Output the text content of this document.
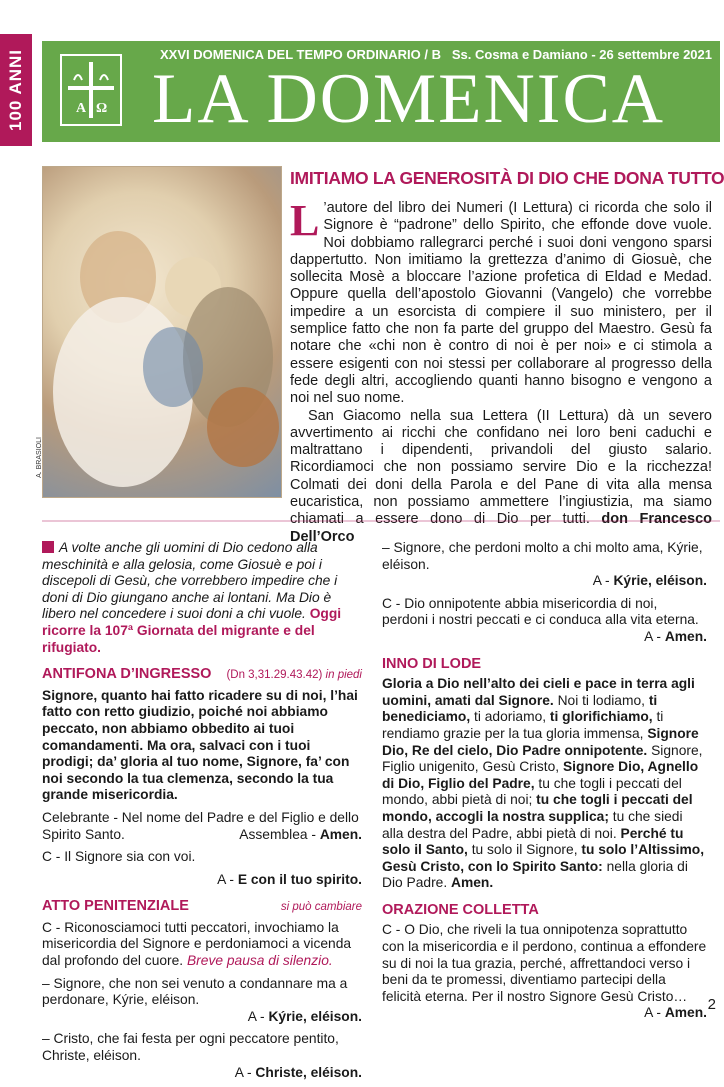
100 ANNI	A Ω
XXVI DOMENICA DEL TEMPO ORDINARIO / B Ss. Cosma e Damiano - 26 settembre 2021
LA DOMENICA
A. BRASIOLI
IMITIAMO LA GENEROSITÀ DI DIO CHE DONA TUTTO

L ’autore del libro dei Numeri (I Lettura) ci ricorda che solo il Signore è “padrone” dello Spirito, che effonde dove vuole. Noi dobbiamo rallegrarci perché i suoi doni vengono sparsi dappertutto. Non imitiamo la grettezza d’animo di Giosuè, che sollecita Mosè a bloccare l’azione profetica di Eldad e Medad. Oppure quella dell’apostolo Giovanni (Vangelo) che vorrebbe impedire a un esorcista di compiere il suo ministero, per il semplice fatto che non fa parte del gruppo del Maestro. Gesù fa notare che «chi non è contro di noi è per noi» e ci stimola a essere esigenti con noi stessi per collaborare al progresso della fede degli altri, accogliendo quanti hanno bisogno e vengono a noi nel suo nome.

San Giacomo nella sua Lettera (II Lettura) dà un severo avvertimento ai ricchi che confidano nei loro beni caduchi e maltrattano i dipendenti, privandoli del giusto salario. Ricordiamoci che non possiamo servire Dio e la ricchezza! Colmati dei doni della Parola e del Pane di vita alla mensa eucaristica, non possiamo ammettere l’ingiustizia, ma siamo chiamati a essere dono di Dio per tutti. don Francesco Dell’Orco

A volte anche gli uomini di Dio cedono alla meschinità e alla gelosia, come Giosuè e poi i discepoli di Gesù, che vorrebbero impedire che i doni di Dio giungano anche ai lontani. Ma Dio è libero nel concedere i suoi doni a chi vuole. Oggi ricorre la 107ª Giornata del migrante e del rifugiato.

ANTIFONA D’INGRESSO (Dn 3,31.29.43.42) in piedi

Signore, quanto hai fatto ricadere su di noi, l’hai fatto con retto giudizio, poiché noi abbiamo peccato, non abbiamo obbedito ai tuoi comandamenti. Ma ora, salvaci con i tuoi prodigi; da’ gloria al tuo nome, Signore, fa’ con noi secondo la tua clemenza, secondo la tua grande misericordia.

Celebrante - Nel nome del Padre e del Figlio e dello Spirito Santo.	Assemblea - Amen.

C - Il Signore sia con voi.

A - E con il tuo spirito.

ATTO PENITENZIALE	si può cambiare

C - Riconosciamoci tutti peccatori, invochiamo la misericordia del Signore e perdoniamoci a vicenda dal profondo del cuore. Breve pausa di silenzio.

– Signore, che non sei venuto a condannare ma a perdonare, Kýrie, eléison.

A - Kýrie, eléison.

– Cristo, che fai festa per ogni peccatore pentito, Christe, eléison.

A - Christe, eléison.

– Signore, che perdoni molto a chi molto ama, Kýrie, eléison.

A - Kýrie, eléison.

C - Dio onnipotente abbia misericordia di noi, perdoni i nostri peccati e ci conduca alla vita eterna.

A - Amen.

INNO DI LODE

Gloria a Dio nell’alto dei cieli e pace in terra agli uomini, amati dal Signore. Noi ti lodiamo, ti benediciamo, ti adoriamo, ti glorifichiamo, ti rendiamo grazie per la tua gloria immensa, Signore Dio, Re del cielo, Dio Padre onnipotente. Signore, Figlio unigenito, Gesù Cristo, Signore Dio, Agnello di Dio, Figlio del Padre, tu che togli i peccati del mondo, abbi pietà di noi; tu che togli i peccati del mondo, accogli la nostra supplica; tu che siedi alla destra del Padre, abbi pietà di noi. Perché tu solo il Santo, tu solo il Signore, tu solo l’Altissimo, Gesù Cristo, con lo Spirito Santo: nella gloria di Dio Padre. Amen.

ORAZIONE COLLETTA

C - O Dio, che riveli la tua onnipotenza soprattutto con la misericordia e il perdono, continua a effondere su di noi la tua grazia, perché, affrettandoci verso i beni da te promessi, diventiamo partecipi della felicità eterna. Per il nostro Signore Gesù Cristo…
A - Amen. 2
